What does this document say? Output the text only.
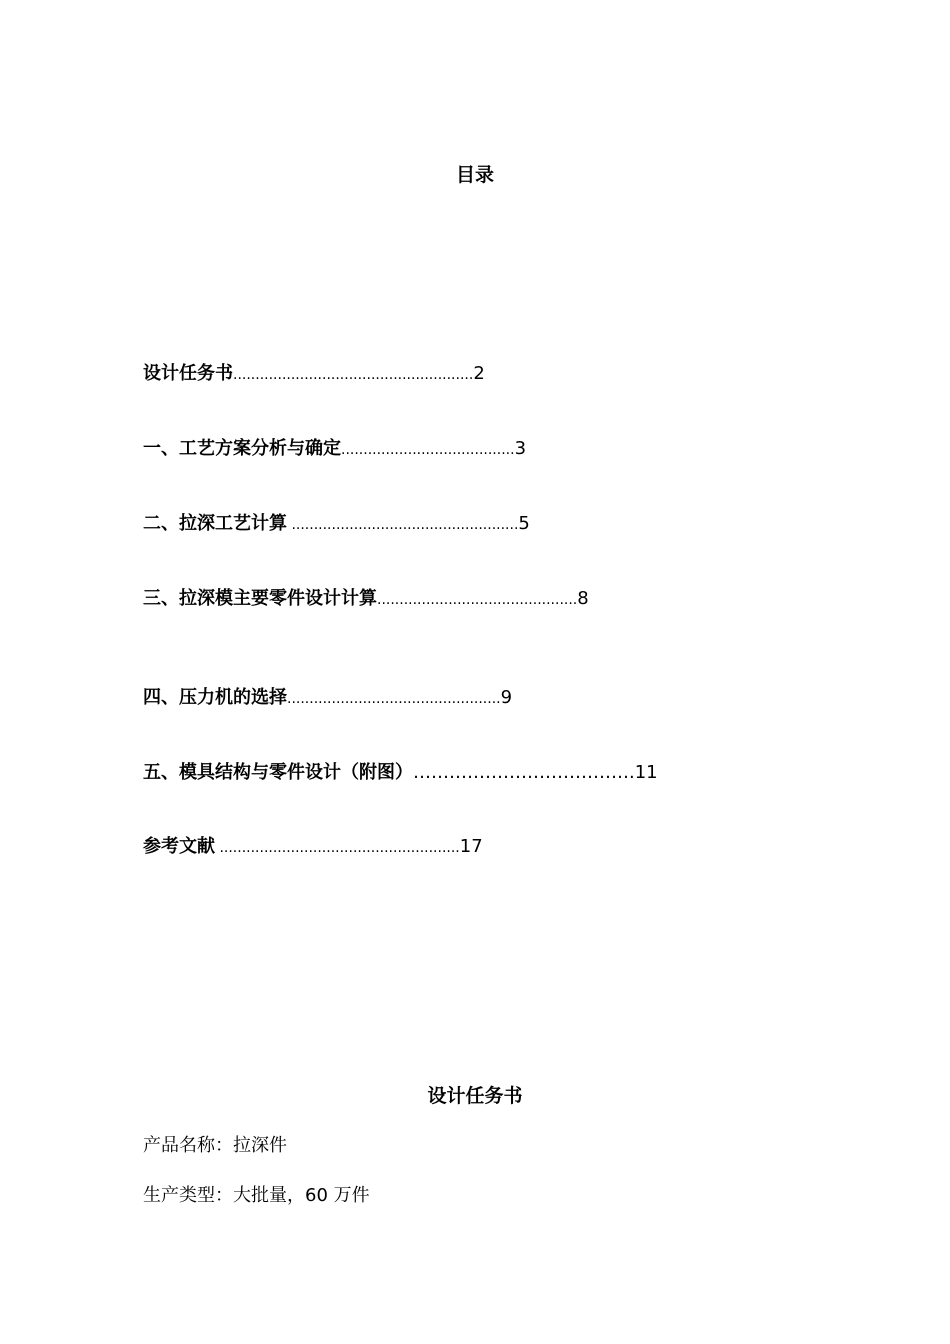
目录
设计任务书......................................................2
一、工艺方案分析与确定.......................................3
二、拉深工艺计算 ...................................................5
三、拉深模主要零件设计计算.............................................8
四、压力机的选择................................................9
五、模具结构与零件设计（附图）……………………………….11
参考文献 ......................................................17
设计任务书
产品名称：拉深件
生产类型：大批量，60 万件
